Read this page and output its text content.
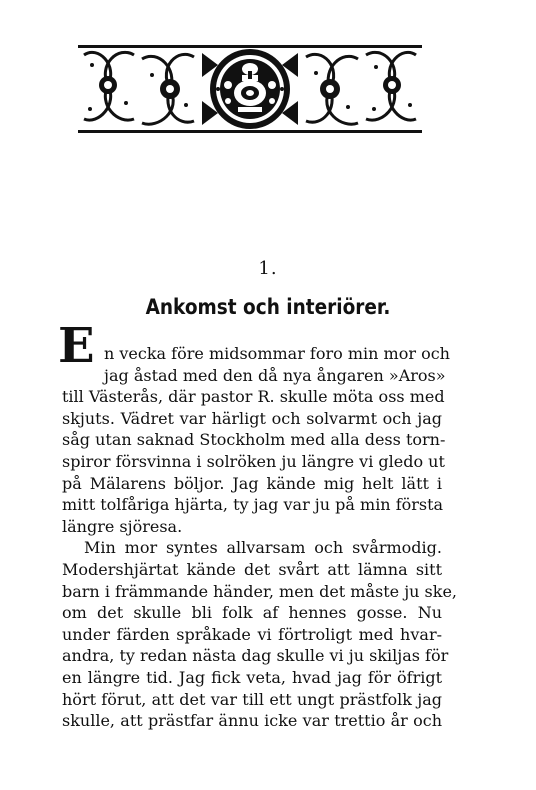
1.
Ankomst och interiörer.
E n vecka före midsommar foro min mor och
jag åstad med den då nya ångaren »Aros»
till Västerås, där pastor R. skulle möta oss med
skjuts. Vädret var härligt och solvarmt och jag
såg utan saknad Stockholm med alla dess torn-
spiror försvinna i solröken ju längre vi gledo ut
på Mälarens böljor. Jag kände mig helt lätt i
mitt tolfåriga hjärta, ty jag var ju på min första
längre sjöresa.
Min mor syntes allvarsam och svårmodig.
Modershjärtat kände det svårt att lämna sitt
barn i främmande händer, men det måste ju ske,
om det skulle bli folk af hennes gosse. Nu
under färden språkade vi förtroligt med hvar-
andra, ty redan nästa dag skulle vi ju skiljas för
en längre tid. Jag fick veta, hvad jag för öfrigt
hört förut, att det var till ett ungt prästfolk jag
skulle, att prästfar ännu icke var trettio år och
